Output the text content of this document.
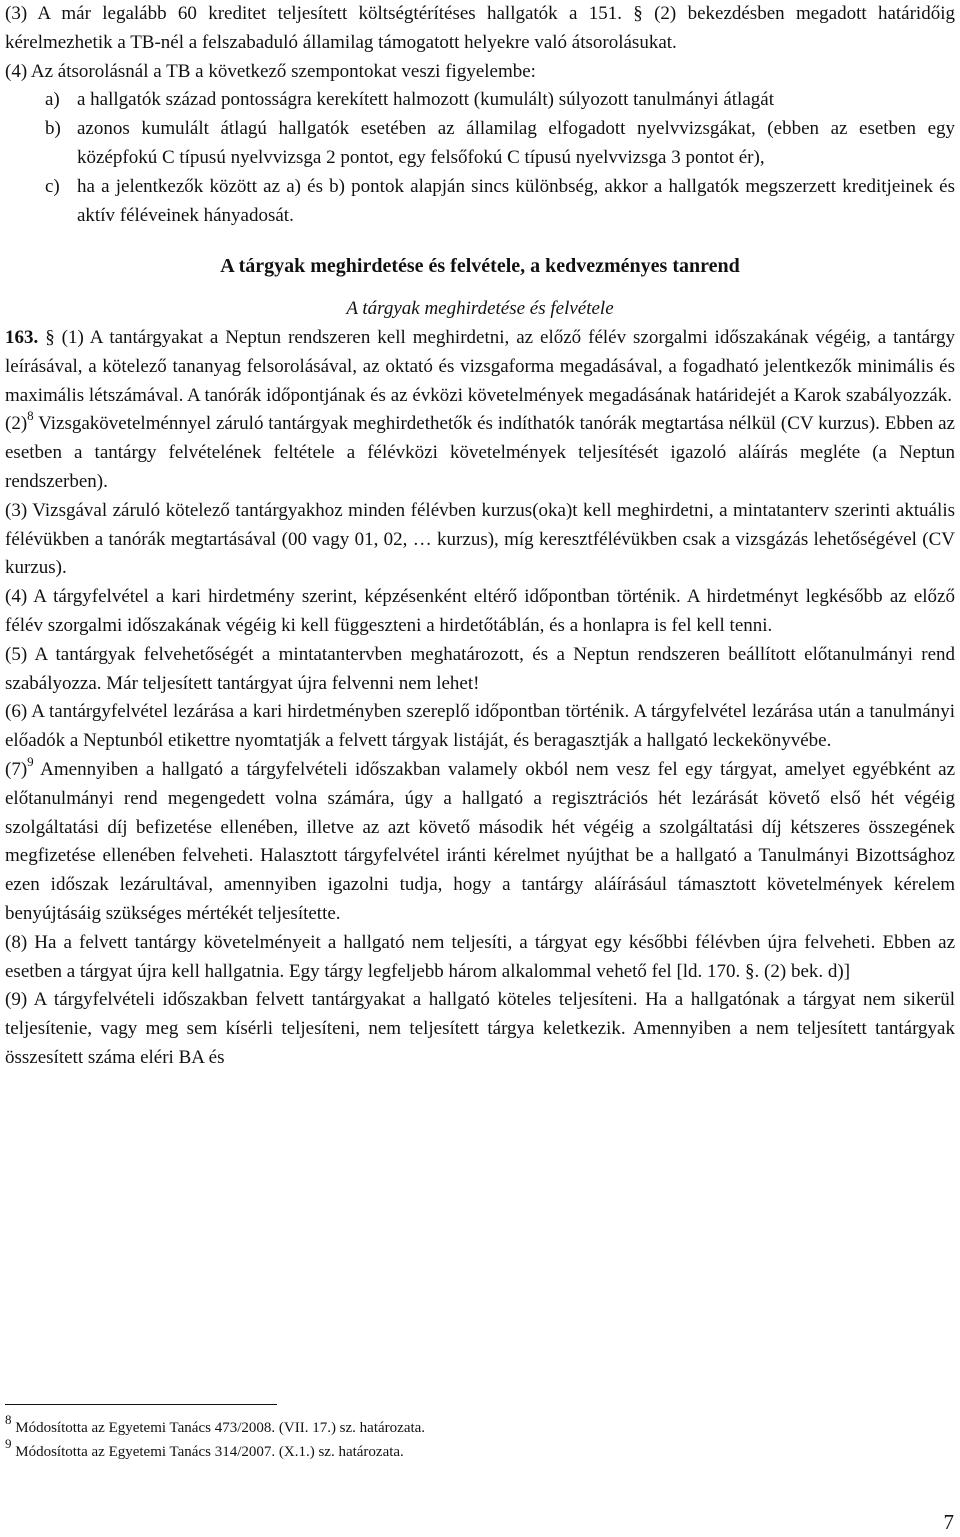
(3) A már legalább 60 kreditet teljesített költségtérítéses hallgatók a 151. § (2) bekezdésben megadott határidőig kérelmezhetik a TB-nél a felszabaduló államilag támogatott helyekre való átsorolásukat.

(4) Az átsorolásnál a TB a következő szempontokat veszi figyelembe:

a) a hallgatók század pontosságra kerekített halmozott (kumulált) súlyozott tanulmányi átlagát
b) azonos kumulált átlagú hallgatók esetében az államilag elfogadott nyelvvizsgákat, (ebben az esetben egy középfokú C típusú nyelvvizsga 2 pontot, egy felsőfokú C típusú nyelvvizsga 3 pontot ér),
c) ha a jelentkezők között az a) és b) pontok alapján sincs különbség, akkor a hallgatók megszerzett kreditjeinek és aktív féléveinek hányadosát.

A tárgyak meghirdetése és felvétele, a kedvezményes tanrend

A tárgyak meghirdetése és felvétele

163. § (1) A tantárgyakat a Neptun rendszeren kell meghirdetni, az előző félév szorgalmi időszakának végéig, a tantárgy leírásával, a kötelező tananyag felsorolásával, az oktató és vizsgaforma megadásával, a fogadható jelentkezők minimális és maximális létszámával. A tanórák időpontjának és az évközi követelmények megadásának határidejét a Karok szabályozzák.

$(2)^8$ Vizsgakövetelménnyel záruló tantárgyak meghirdethetők és indíthatók tanórák megtartása nélkül (CV kurzus). Ebben az esetben a tantárgy felvételének feltétele a félévközi követelmények teljesítését igazoló aláírás megléte (a Neptun rendszerben).

(3) Vizsgával záruló kötelező tantárgyakhoz minden félévben kurzus(oka)t kell meghirdetni, a mintatanterv szerinti aktuális félévükben a tanórák megtartásával (00 vagy 01, 02, … kurzus), míg keresztfélévükben csak a vizsgázás lehetőségével (CV kurzus).

(4) A tárgyfelvétel a kari hirdetmény szerint, képzésenként eltérő időpontban történik. A hirdetményt legkésőbb az előző félév szorgalmi időszakának végéig ki kell függeszteni a hirdetőtáblán, és a honlapra is fel kell tenni.

(5) A tantárgyak felvehetőségét a mintatantervben meghatározott, és a Neptun rendszeren beállított előtanulmányi rend szabályozza. Már teljesített tantárgyat újra felvenni nem lehet!

(6) A tantárgyfelvétel lezárása a kari hirdetményben szereplő időpontban történik. A tárgyfelvétel lezárása után a tanulmányi előadók a Neptunból etikettre nyomtatják a felvett tárgyak listáját, és beragasztják a hallgató leckekönyvébe.

$(7)^9$ Amennyiben a hallgató a tárgyfelvételi időszakban valamely okból nem vesz fel egy tárgyat, amelyet egyébként az előtanulmányi rend megengedett volna számára, úgy a hallgató a regisztrációs hét lezárását követő első hét végéig szolgáltatási díj befizetése ellenében, illetve az azt követő második hét végéig a szolgáltatási díj kétszeres összegének megfizetése ellenében felveheti. Halasztott tárgyfelvétel iránti kérelmet nyújthat be a hallgató a Tanulmányi Bizottsághoz ezen időszak lezárultával, amennyiben igazolni tudja, hogy a tantárgy aláírásául támasztott követelmények kérelem benyújtásáig szükséges mértékét teljesítette.

(8) Ha a felvett tantárgy követelményeit a hallgató nem teljesíti, a tárgyat egy későbbi félévben újra felveheti. Ebben az esetben a tárgyat újra kell hallgatnia. Egy tárgy legfeljebb három alkalommal vehető fel [ld. 170. §. (2) bek. d)]

(9) A tárgyfelvételi időszakban felvett tantárgyakat a hallgató köteles teljesíteni. Ha a hallgatónak a tárgyat nem sikerül teljesítenie, vagy meg sem kísérli teljesíteni, nem teljesített tárgya keletkezik. Amennyiben a nem teljesített tantárgyak összesített száma eléri BA és

$^8$ Módosította az Egyetemi Tanács 473/2008. (VII. 17.) sz. határozata.
$^9$ Módosította az Egyetemi Tanács 314/2007. (X.1.) sz. határozata.
7
